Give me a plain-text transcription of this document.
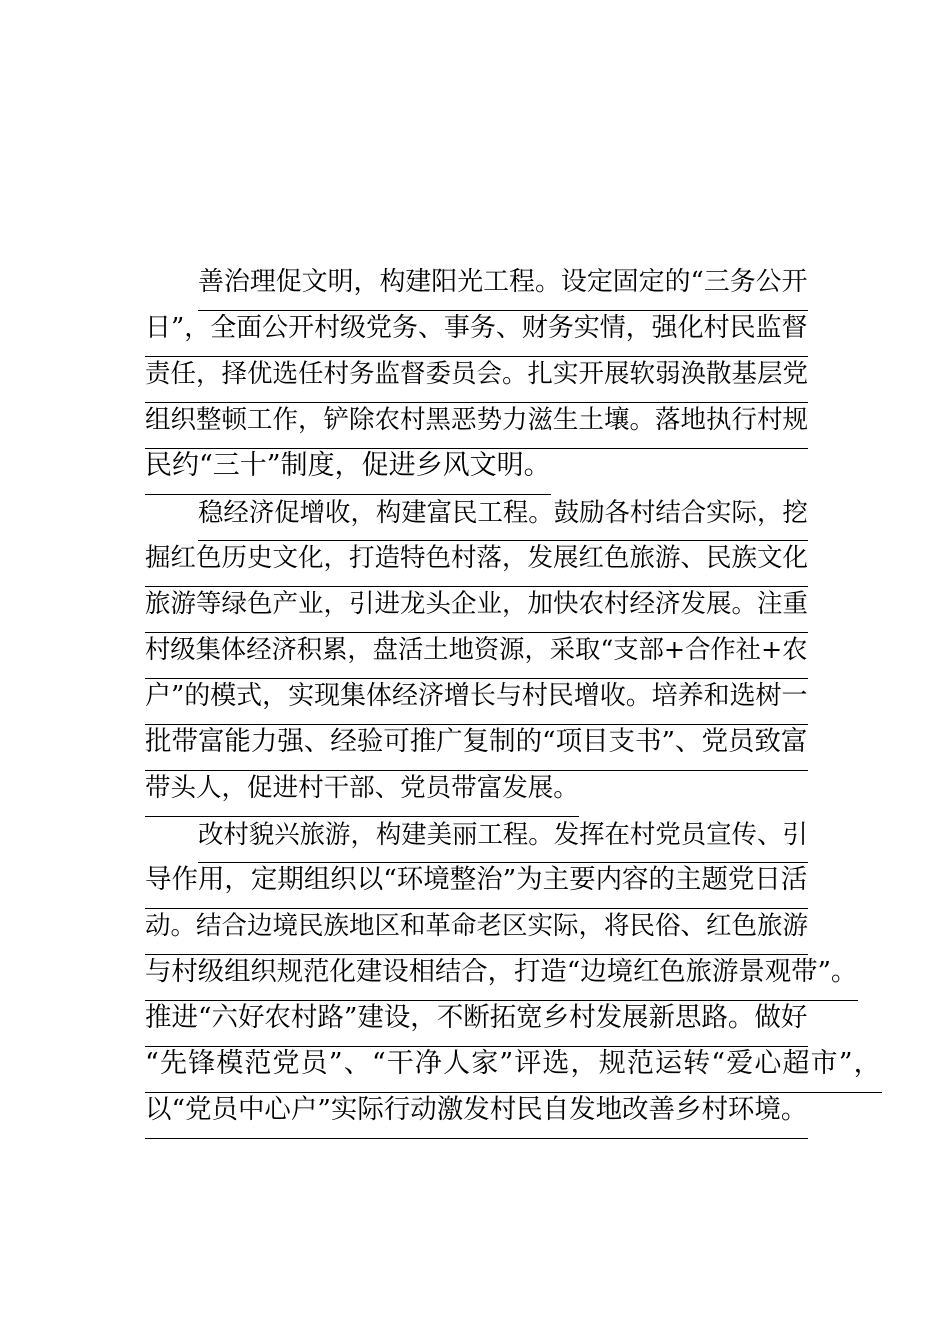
善治理促文明，构建阳光工程。设定固定的“三务公开
日”，全面公开村级党务、事务、财务实情，强化村民监督
责任，择优选任村务监督委员会。扎实开展软弱涣散基层党
组织整顿工作，铲除农村黑恶势力滋生土壤。落地执行村规
民约“三十”制度，促进乡风文明。
稳经济促增收，构建富民工程。鼓励各村结合实际，挖
掘红色历史文化，打造特色村落，发展红色旅游、民族文化
旅游等绿色产业，引进龙头企业，加快农村经济发展。注重
村级集体经济积累，盘活土地资源，采取“支部+合作社+农
户”的模式，实现集体经济增长与村民增收。培养和选树一
批带富能力强、经验可推广复制的“项目支书”、党员致富
带头人，促进村干部、党员带富发展。
改村貌兴旅游，构建美丽工程。发挥在村党员宣传、引
导作用，定期组织以“环境整治”为主要内容的主题党日活
动。结合边境民族地区和革命老区实际，将民俗、红色旅游
与村级组织规范化建设相结合，打造“边境红色旅游景观带”。
推进“六好农村路”建设，不断拓宽乡村发展新思路。做好
“先锋模范党员”、“干净人家”评选，规范运转“爱心超市”，
以“党员中心户”实际行动激发村民自发地改善乡村环境。
